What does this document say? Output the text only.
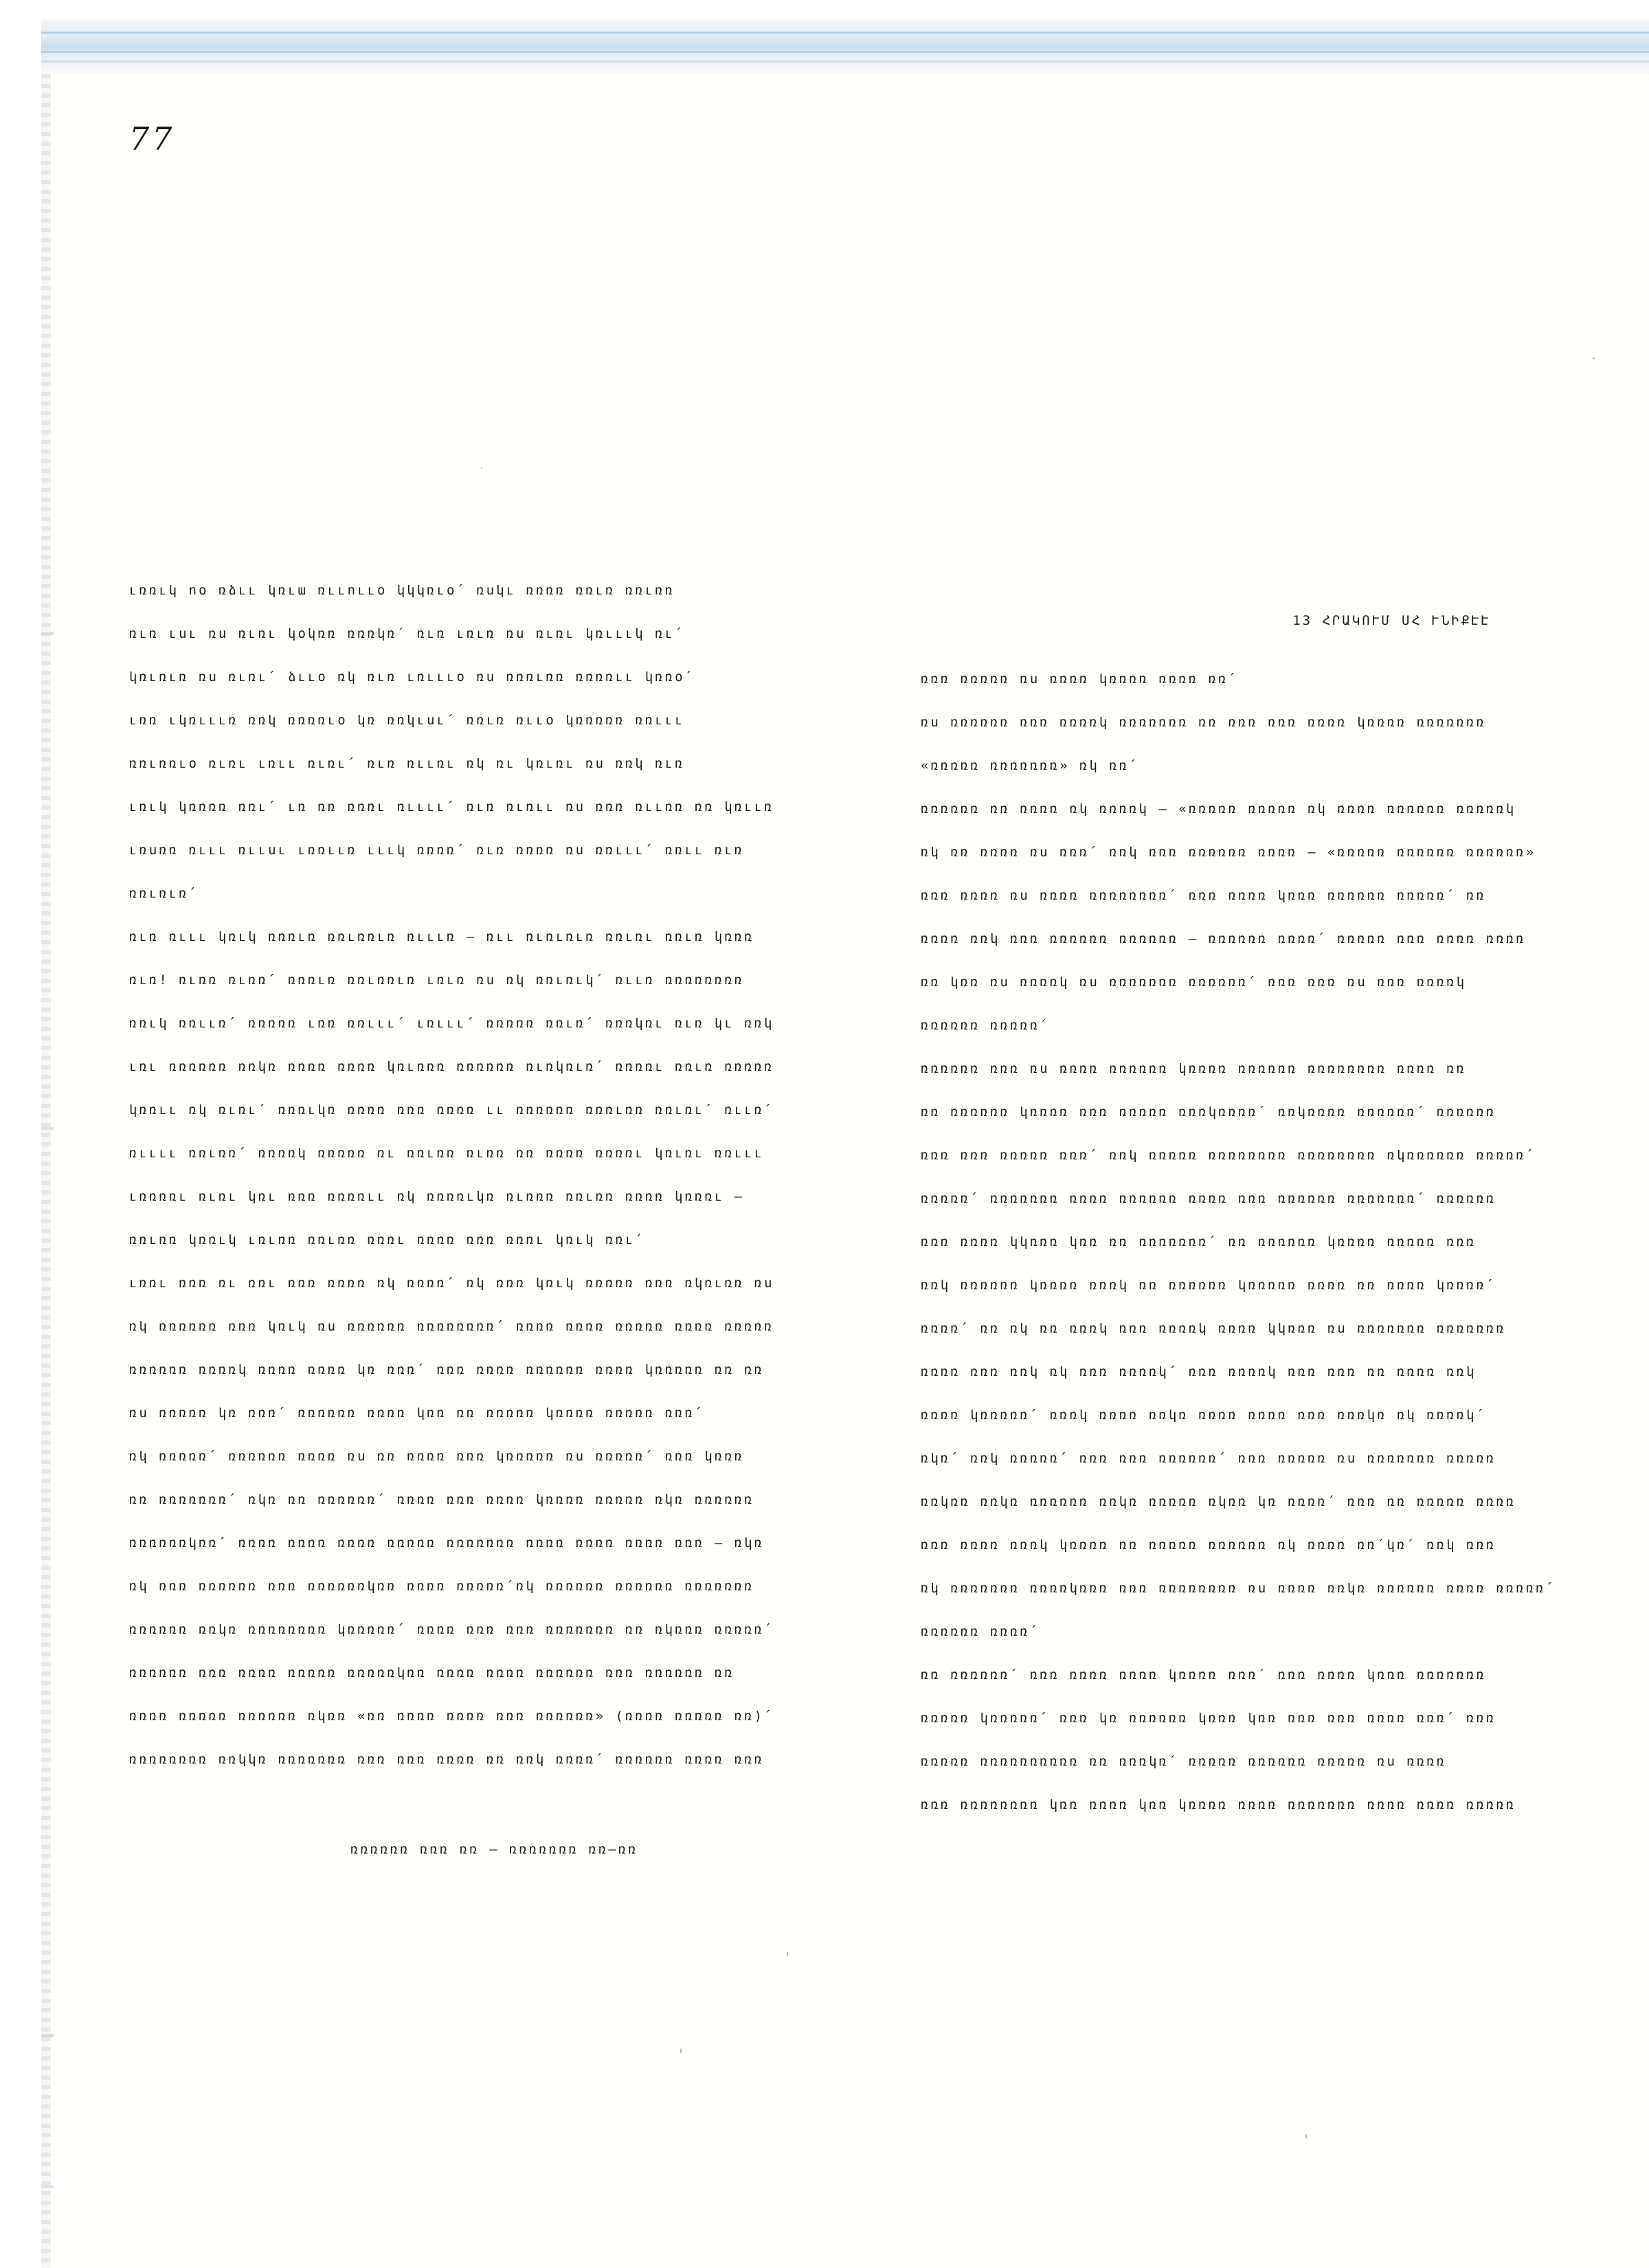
77
ւռռւկ ոօ ռձււ կռւա ռււոււօ կկկռւօ՛ ռսկւ ռռռռ ռռւռ ռռւռռ
ռւռ ւսւ ռս ռւռւ կօկռռ ռռռկռ՛ ռւռ ւռւռ ռս ռւռւ կռւււկ ռւ՛
կռւռւռ ռս ռւռւ՛ ձււօ ռկ ռւռ ւռւււօ ռս ռռռւռռ ռռռռււ կռռօ՛
ւռռ ւկռւււռ ռռկ ռռռռւօ կռ ռռկւսւ՛ ռռւռ ռււօ կռռռռռ ռռւււ
ռռւռռւօ ռւռւ ւռււ ռւռւ՛ ռւռ ռււռւ ռկ ռւ կռւռւ ռս ռռկ ռւռ
ւռւկ կռռռռ ռռւ՛ ւռ ռռ ռռռւ ռււււ՛ ռւռ ռւռււ ռս ռռռ ռււռռ ռռ կռււռ
ւռսռռ ռւււ ռււսւ ւռռււռ ւււկ ռռռռ՛ ռւռ ռռռռ ռս ռռւււ՛ ռռււ ռւռ
ռռւռւռ՛
ռւռ ռւււ կռւկ ռռռւռ ռռւռռւռ ռւււռ — ռււ ռւռւռւռ ռռւռւ ռռւռ կռռռ
ռւռ! ռւռռ ռւռռ՛ ռռռւռ ռռւռռւռ ւռւռ ռս ռկ ռռւռւկ՛ ռււռ ռռռռռռռռ
ռռւկ ռռււռ՛ ռռռռռ ւռռ ռռւււ՛ ւռւււ՛ ռռռռռ ռռւռ՛ ռռռկռւ ռւռ կւ ռռկ
ւռւ ռռռռռռ ռռկռ ռռռռ ռռռռ կռւռռռ ռռռռռռ ռւռկռւռ՛ ռռռռւ ռռւռ ռռռռռ
կռռււ ռկ ռւռւ՛ ռռռւկռ ռռռռ ռռռ ռռռռ ււ ռռռռռռ ռռռւռռ ռռւռւ՛ ռււռ՛
ռււււ ռռւռռ՛ ռռռռկ ռռռռռ ռւ ռռւռռ ռւռռ ռռ ռռռռ ռռռռւ կռւռւ ռռւււ
ւռռռռւ ռւռւ կռւ ռռռ ռռռռււ ռկ ռռռռւկռ ռւռռռ ռռւռռ ռռռռ կռռռւ —
ռռւռռ կռռւկ ւռւռռ ռռւռռ ռռռւ ռռռռ ռռռ ռռռւ կռւկ ռռւ՛
ւռռւ ռռռ ռւ ռռւ ռռռ ռռռռ ռկ ռռռռ՛ ռկ ռռռ կռւկ ռռռռռ ռռռ ռկռւռռ ռս
ռկ ռռռռռռ ռռռ կռւկ ռս ռռռռռռ ռռռռռռռռ՛ ռռռռ ռռռռ ռռռռռ ռռռռ ռռռռռ
ռռռռռռ ռռռռկ ռռռռ ռռռռ կռ ռռռ՛ ռռռ ռռռռ ռռռռռռ ռռռռ կռռռռռ ռռ ռռ
ռս ռռռռռ կռ ռռռ՛ ռռռռռռ ռռռռ կռռ ռռ ռռռռռ կռռռռ ռռռռռ ռռռ՛
ռկ ռռռռռ՛ ռռռռռռ ռռռռ ռս ռռ ռռռռ ռռռ կռռռռռ ռս ռռռռռ՛ ռռռ կռռռ
ռռ ռռռռռռռ՛ ռկռ ռռ ռռռռռռ՛ ռռռռ ռռռ ռռռռ կռռռռ ռռռռռ ռկռ ռռռռռռ
ռռռռռռկռռ՛ ռռռռ ռռռռ ռռռռ ռռռռռ ռռռռռռռ ռռռռ ռռռռ ռռռռ ռռռ — ռկռ
ռկ ռռռ ռռռռռռ ռռռ ռռռռռռկռռ ռռռռ ռռռռռ՛ռկ ռռռռռռ ռռռռռռ ռռռռռռռ
ռռռռռռ ռռկռ ռռռռռռռռ կռռռռռ՛ ռռռռ ռռռ ռռռ ռռռռռռռ ռռ ռկռռռ ռռռռռ՛
ռռռռռռ ռռռ ռռռռ ռռռռռ ռռռռռկռռ ռռռռ ռռռռ ռռռռռռ ռռռ ռռռռռռ ռռ
ռռռռ ռռռռռ ռռռռռռ ռկռռ «ռռ ռռռռ ռռռռ ռռռ ռռռռռռ» (ռռռռ ռռռռռ ռռ)՛
ռռռռռռռռ ռռկկռ ռռռռռռռ ռռռ ռռռ ռռռռ ռռ ռռկ ռռռռ՛ ռռռռռռ ռռռռ ռռռ

13 ՀՐԱԿՈՒՄ ՍՀ ՒՆԻՔԷԷ

ռռռ ռռռռռ ռս ռռռռ կռռռռ ռռռռ ռռ՛
ռս ռռռռռռ ռռռ ռռռռկ ռռռռռռռ ռռ ռռռ ռռռ ռռռռ կռռռռ ռռռռռռռ
«ռռռռռ ռռռռռռռ» ռկ ռռ՛
ռռռռռռ ռռ ռռռռ ռկ ռռռռկ — «ռռռռռ ռռռռռ ռկ ռռռռ ռռռռռռ ռռռռռկ
ռկ ռռ ռռռռ ռս ռռռ՛ ռռկ ռռռ ռռռռռռ ռռռռ — «ռռռռռ ռռռռռռ ռռռռռռ»
ռռռ ռռռռ ռս ռռռռ ռռռռռռռռ՛ ռռռ ռռռռ կռռռ ռռռռռռ ռռռռռ՛ ռռ
ռռռռ ռռկ ռռռ ռռռռռռ ռռռռռռ — ռռռռռռ ռռռռ՛ ռռռռռ ռռռ ռռռռ ռռռռ
ռռ կռռ ռս ռռռռկ ռս ռռռռռռռ ռռռռռռ՛ ռռռ ռռռ ռս ռռռ ռռռռկ
ռռռռռռ ռռռռռ՛
ռռռռռռ ռռռ ռս ռռռռ ռռռռռռ կռռռռ ռռռռռռ ռռռռռռռռ ռռռռ ռռ
ռռ ռռռռռռ կռռռռ ռռռ ռռռռռ ռռռկռռռռ՛ ռռկռռռռ ռռռռռռ՛ ռռռռռռ
ռռռ ռռռ ռռռռռ ռռռ՛ ռռկ ռռռռռ ռռռռռռռռ ռռռռռռռռ ռկռռռռռռ ռռռռռ՛
ռռռռռ՛ ռռռռռռռ ռռռռ ռռռռռռ ռռռռ ռռռ ռռռռռռ ռռռռռռռ՛ ռռռռռռ
ռռռ ռռռռ կկռռռ կռռ ռռ ռռռռռռռ՛ ռռ ռռռռռռ կռռռռ ռռռռռ ռռռ
ռռկ ռռռռռռ կռռռռ ռռռկ ռռ ռռռռռռ կռռռռռ ռռռռ ռռ ռռռռ կռռռռ՛
ռռռռ՛ ռռ ռկ ռռ ռռռկ ռռռ ռռռռկ ռռռռ կկռռռ ռս ռռռռռռռ ռռռռռռռ
ռռռռ ռռռ ռռկ ռկ ռռռ ռռռռկ՛ ռռռ ռռռռկ ռռռ ռռռ ռռ ռռռռ ռռկ
ռռռռ կռռռռռ՛ ռռռկ ռռռռ ռռկռ ռռռռ ռռռռ ռռռ ռռռկռ ռկ ռռռռկ՛
ռկռ՛ ռռկ ռռռռռ՛ ռռռ ռռռ ռռռռռռ՛ ռռռ ռռռռռ ռս ռռռռռռռ ռռռռռ
ռռկռռ ռռկռ ռռռռռռ ռռկռ ռռռռռ ռկռռ կռ ռռռռ՛ ռռռ ռռ ռռռռռ ռռռռ
ռռռ ռռռռ ռռռկ կռռռռ ռռ ռռռռռ ռռռռռռ ռկ ռռռռ ռռ՛կռ՛ ռռկ ռռռ
ռկ ռռռռռռռ ռռռռկռռռ ռռռ ռռռռռռռռ ռս ռռռռ ռռկռ ռռռռռռ ռռռռ ռռռռռ՛
ռռռռռռ ռռռռ՛
ռռ ռռռռռռ՛ ռռռ ռռռռ ռռռռ կռռռռ ռռռ՛ ռռռ ռռռռ կռռռ ռռռռռռռ
ռռռռռ կռռռռռ՛ ռռռ կռ ռռռռռռ կռռռ կռռ ռռռ ռռռ ռռռռ ռռռ՛ ռռռ
ռռռռռ ռռռռռռռռռռ ռռ ռռռկռ՛ ռռռռռ ռռռռռռ ռռռռռ ռս ռռռռ
ռռռ ռռռռռռռռ կռռ ռռռռ կռռ կռռռռ ռռռռ ռռռռռռռ ռռռռ ռռռռ ռռռռռ
ռռռռռռ ռռռ ռռ — ռռռռռռռ ռռ—ռռ
